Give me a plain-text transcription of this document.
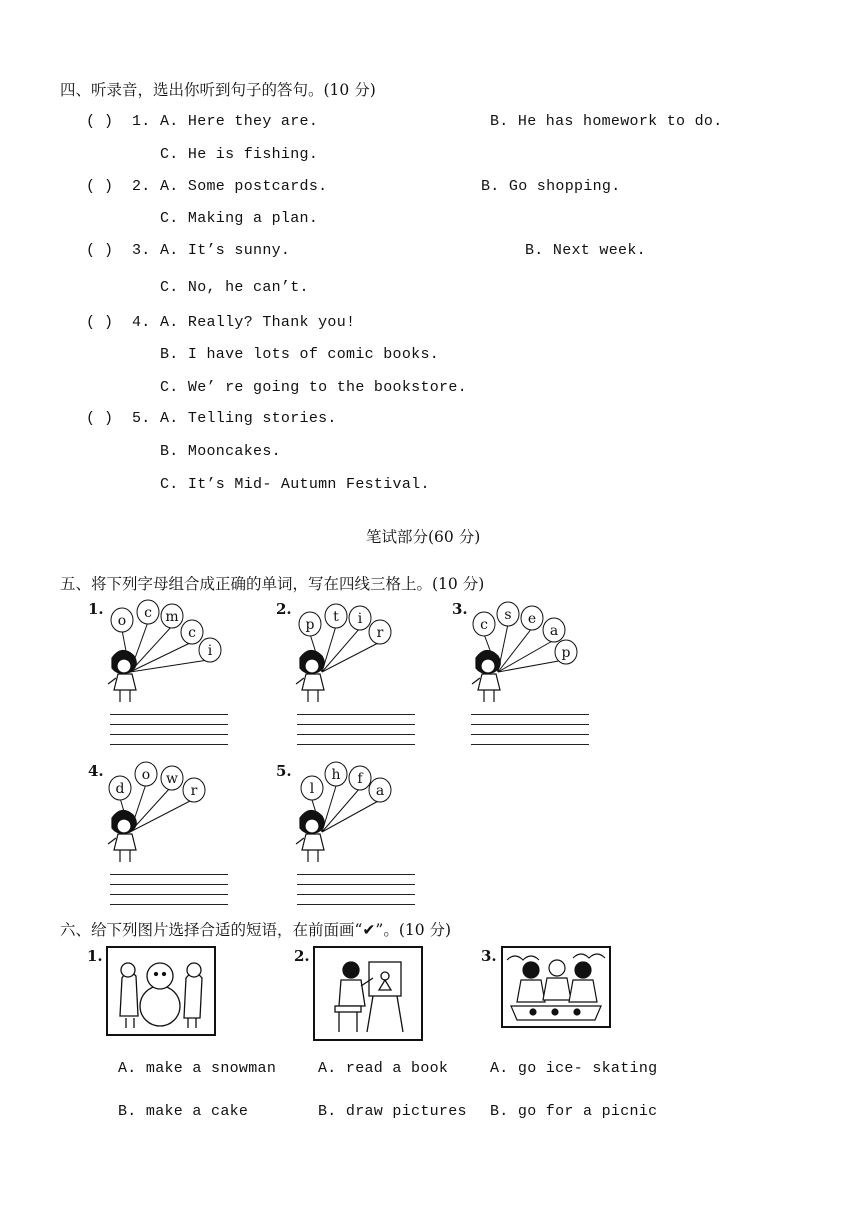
四、听录音，选出你听到句子的答句。(10 分)
( ) 1. A. Here they are.	B. He has homework to do.
C. He is fishing.
( ) 2. A. Some postcards.	B. Go shopping.
C. Making a plan.
( ) 3. A. It’s sunny.	B. Next week.
C. No, he can’t.
( ) 4. A. Really? Thank you!
B. I have lots of comic books.
C. We’ re going to the bookstore.
( ) 5. A. Telling stories.
B. Mooncakes.
C. It’s Mid- Autumn Festival.
笔试部分(60 分)
五、将下列字母组合成正确的单词，写在四线三格上。(10 分)
1.
o c m
c
i
2.
p t i
r
3.
c
s e
a
p
4.
d
o w
r
5.
l
h f
a
六、给下列图片选择合适的短语，在前面画“✔”。(10 分)
1.
A. make a snowman
B. make a cake
2.
A. read a book
B. draw pictures
3.
A. go ice- skating
B. go for a picnic
